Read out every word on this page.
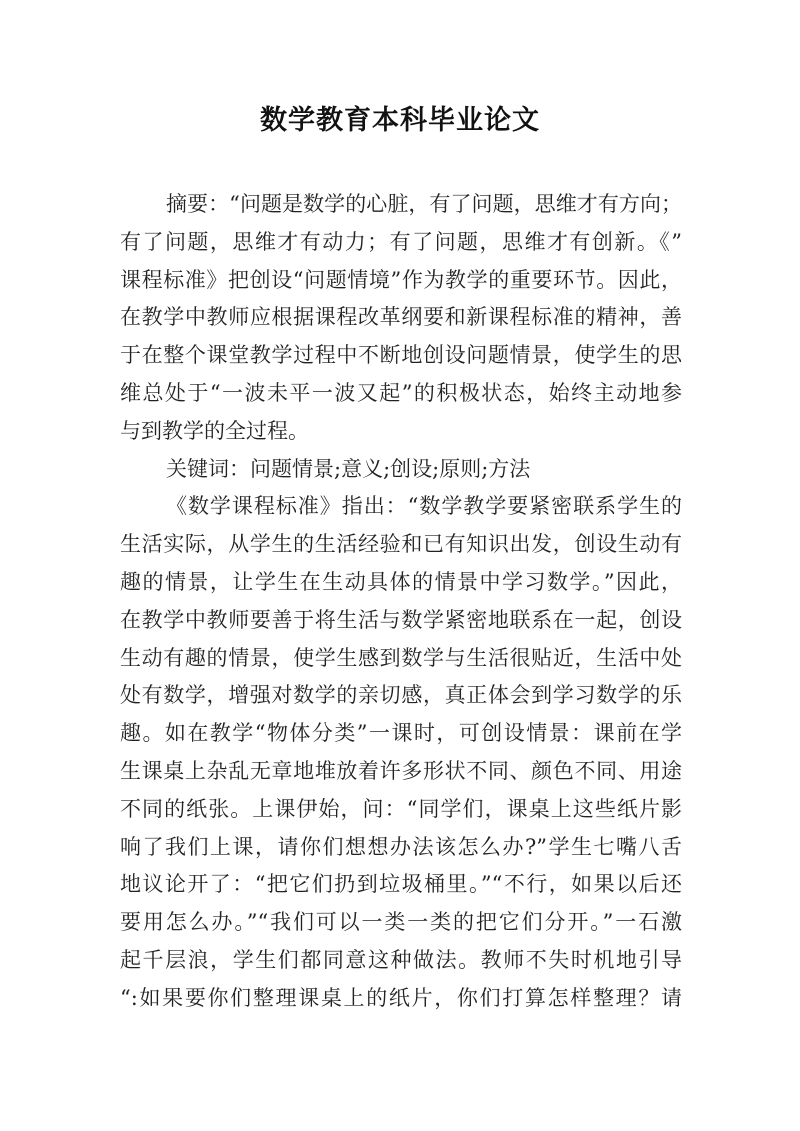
数学教育本科毕业论文
摘要：“问题是数学的心脏，有了问题，思维才有方向；
有了问题，思维才有动力；有了问题，思维才有创新。《”
课程标准》把创设“问题情境”作为教学的重要环节。因此，
在教学中教师应根据课程改革纲要和新课程标准的精神，善
于在整个课堂教学过程中不断地创设问题情景，使学生的思
维总处于“一波未平一波又起”的积极状态，始终主动地参
与到教学的全过程。
关键词：问题情景;意义;创设;原则;方法
《数学课程标准》指出：“数学教学要紧密联系学生的
生活实际，从学生的生活经验和已有知识出发，创设生动有
趣的情景，让学生在生动具体的情景中学习数学。”因此，
在教学中教师要善于将生活与数学紧密地联系在一起，创设
生动有趣的情景，使学生感到数学与生活很贴近，生活中处
处有数学，增强对数学的亲切感，真正体会到学习数学的乐
趣。如在教学“物体分类”一课时，可创设情景：课前在学
生课桌上杂乱无章地堆放着许多形状不同、颜色不同、用途
不同的纸张。上课伊始，问：“同学们，课桌上这些纸片影
响了我们上课，请你们想想办法该怎么办?”学生七嘴八舌
地议论开了：“把它们扔到垃圾桶里。”“不行，如果以后还
要用怎么办。”“我们可以一类一类的把它们分开。”一石激
起千层浪，学生们都同意这种做法。教师不失时机地引导
“:如果要你们整理课桌上的纸片，你们打算怎样整理？请
